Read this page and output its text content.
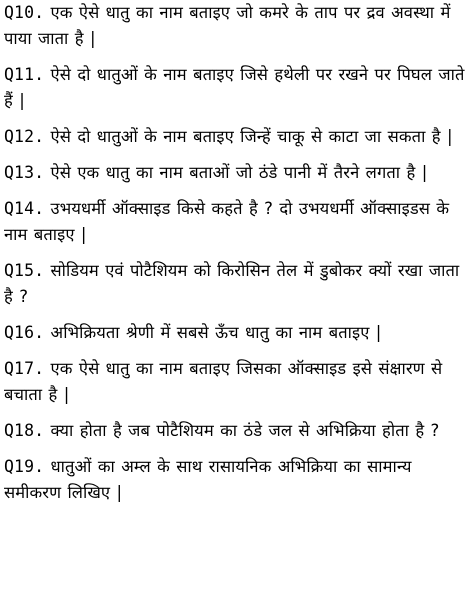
Q10. एक ऐसे धातु का नाम बताइए जो कमरे के ताप पर द्रव अवस्था में पाया जाता है |

Q11. ऐसे दो धातुओं के नाम बताइए जिसे हथेली पर रखने पर पिघल जाते हैं |

Q12. ऐसे दो धातुओं के नाम बताइए जिन्हें चाकू से काटा जा सकता है |

Q13. ऐसे एक धातु का नाम बताओं जो ठंडे पानी में तैरने लगता है |

Q14. उभयधर्मी ऑक्साइड किसे कहते है ? दो उभयधर्मी ऑक्साइडस के नाम बताइए |

Q15. सोडियम एवं पोटैशियम को किरोसिन तेल में डुबोकर क्यों रखा जाता है ?

Q16. अभिक्रियता श्रेणी में सबसे ऊँच धातु का नाम बताइए |

Q17. एक ऐसे धातु का नाम बताइए जिसका ऑक्साइड इसे संक्षारण से बचाता है |

Q18. क्या होता है जब पोटैशियम का ठंडे जल से अभिक्रिया होता है ?

Q19. धातुओं का अम्ल के साथ रासायनिक अभिक्रिया का सामान्य समीकरण लिखिए |
